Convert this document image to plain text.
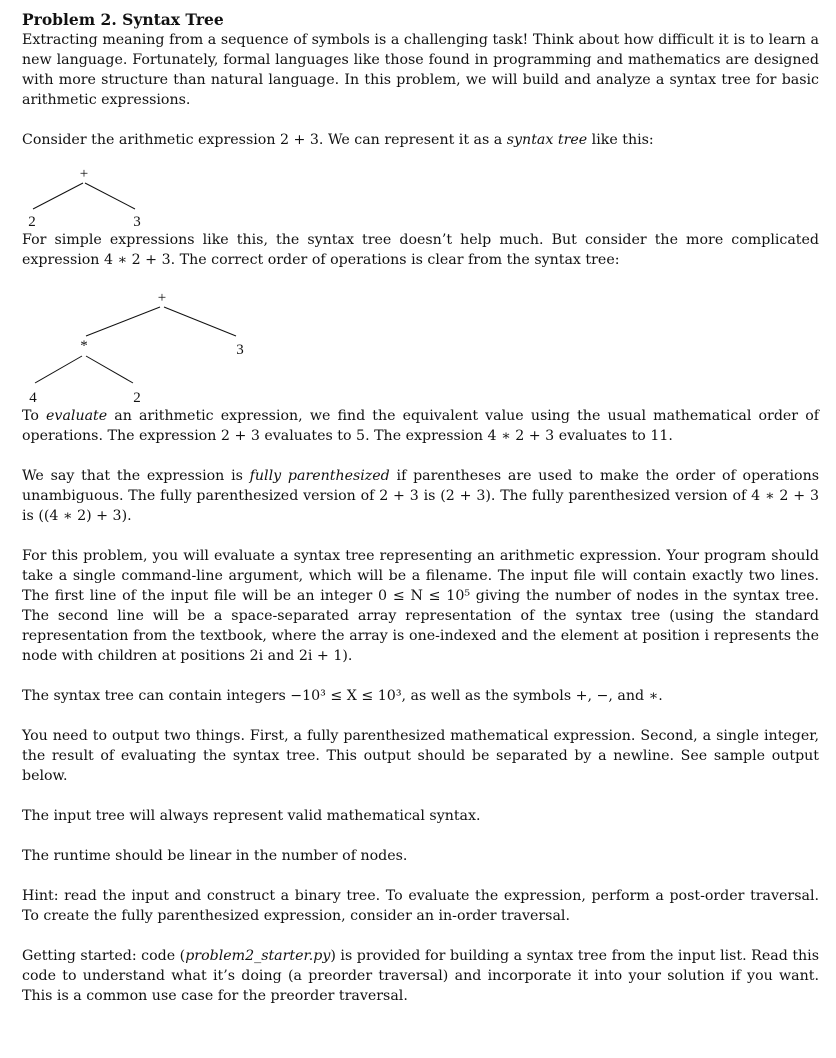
Problem 2. Syntax Tree

Extracting meaning from a sequence of symbols is a challenging task! Think about how difficult it is to learn a new language. Fortunately, formal languages like those found in programming and mathematics are designed with more structure than natural language. In this problem, we will build and analyze a syntax tree for basic arithmetic expressions.

Consider the arithmetic expression 2 + 3. We can represent it as a syntax tree like this:

+
2	3

For simple expressions like this, the syntax tree doesn’t help much. But consider the more complicated expression 4 ∗ 2 + 3. The correct order of operations is clear from the syntax tree:

+
*	3
4	2

To evaluate an arithmetic expression, we find the equivalent value using the usual mathematical order of operations. The expression 2 + 3 evaluates to 5. The expression 4 ∗ 2 + 3 evaluates to 11.

We say that the expression is fully parenthesized if parentheses are used to make the order of operations unambiguous. The fully parenthesized version of 2 + 3 is (2 + 3). The fully parenthesized version of 4 ∗ 2 + 3 is ((4 ∗ 2) + 3).

For this problem, you will evaluate a syntax tree representing an arithmetic expression. Your program should take a single command-line argument, which will be a filename. The input file will contain exactly two lines. The first line of the input file will be an integer 0 ≤ N ≤ 10⁵ giving the number of nodes in the syntax tree. The second line will be a space-separated array representation of the syntax tree (using the standard representation from the textbook, where the array is one-indexed and the element at position i represents the node with children at positions 2i and 2i + 1).

The syntax tree can contain integers −10³ ≤ X ≤ 10³, as well as the symbols +, −, and ∗.

You need to output two things. First, a fully parenthesized mathematical expression. Second, a single integer, the result of evaluating the syntax tree. This output should be separated by a newline. See sample output below.

The input tree will always represent valid mathematical syntax.

The runtime should be linear in the number of nodes.

Hint: read the input and construct a binary tree. To evaluate the expression, perform a post-order traversal. To create the fully parenthesized expression, consider an in-order traversal.

Getting started: code (problem2_starter.py) is provided for building a syntax tree from the input list. Read this code to understand what it’s doing (a preorder traversal) and incorporate it into your solution if you want. This is a common use case for the preorder traversal.
